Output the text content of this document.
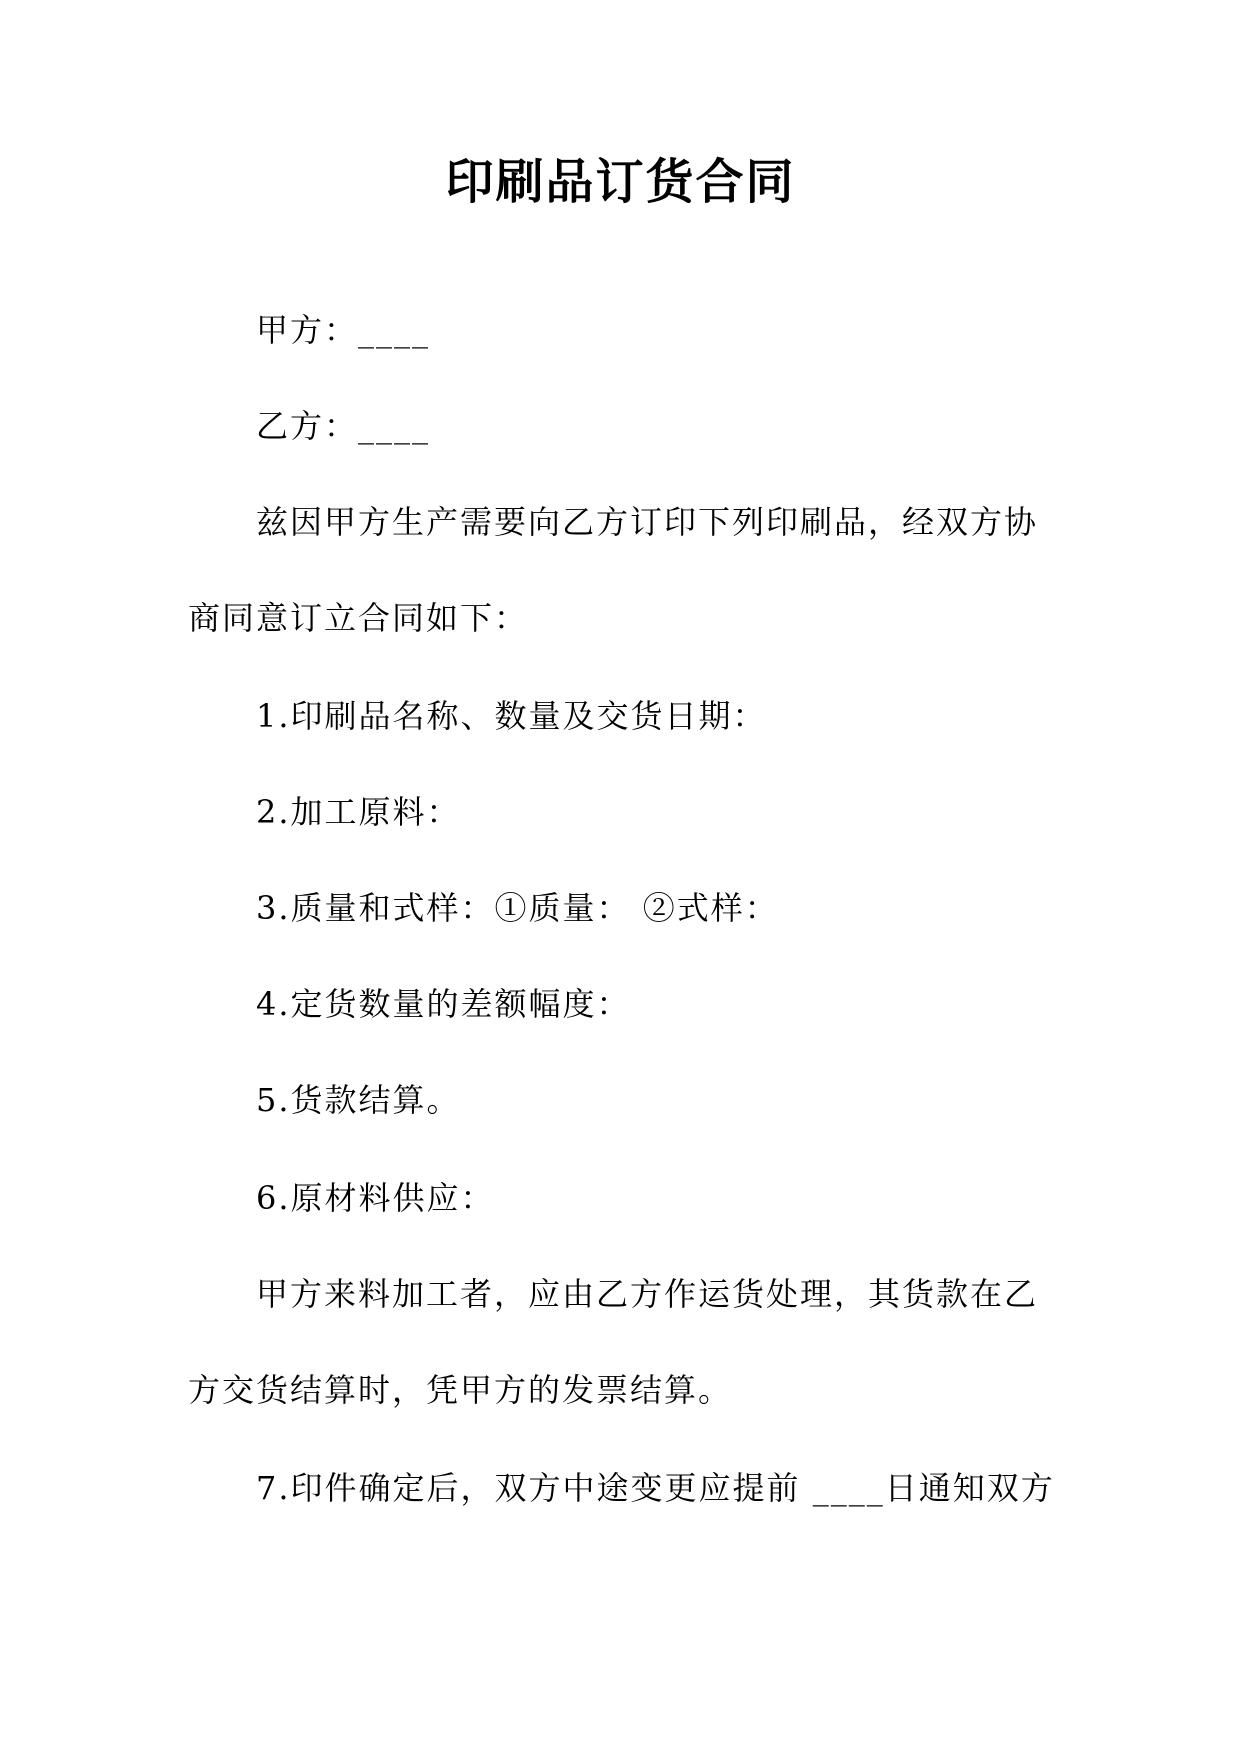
印刷品订货合同
甲方：____
乙方：____
兹因甲方生产需要向乙方订印下列印刷品，经双方协
商同意订立合同如下：
1.印刷品名称、数量及交货日期：
2.加工原料：
3.质量和式样：①质量： ②式样：
4.定货数量的差额幅度：
5.货款结算。
6.原材料供应：
甲方来料加工者，应由乙方作运货处理，其货款在乙
方交货结算时，凭甲方的发票结算。
7.印件确定后，双方中途变更应提前 ____日通知双方
